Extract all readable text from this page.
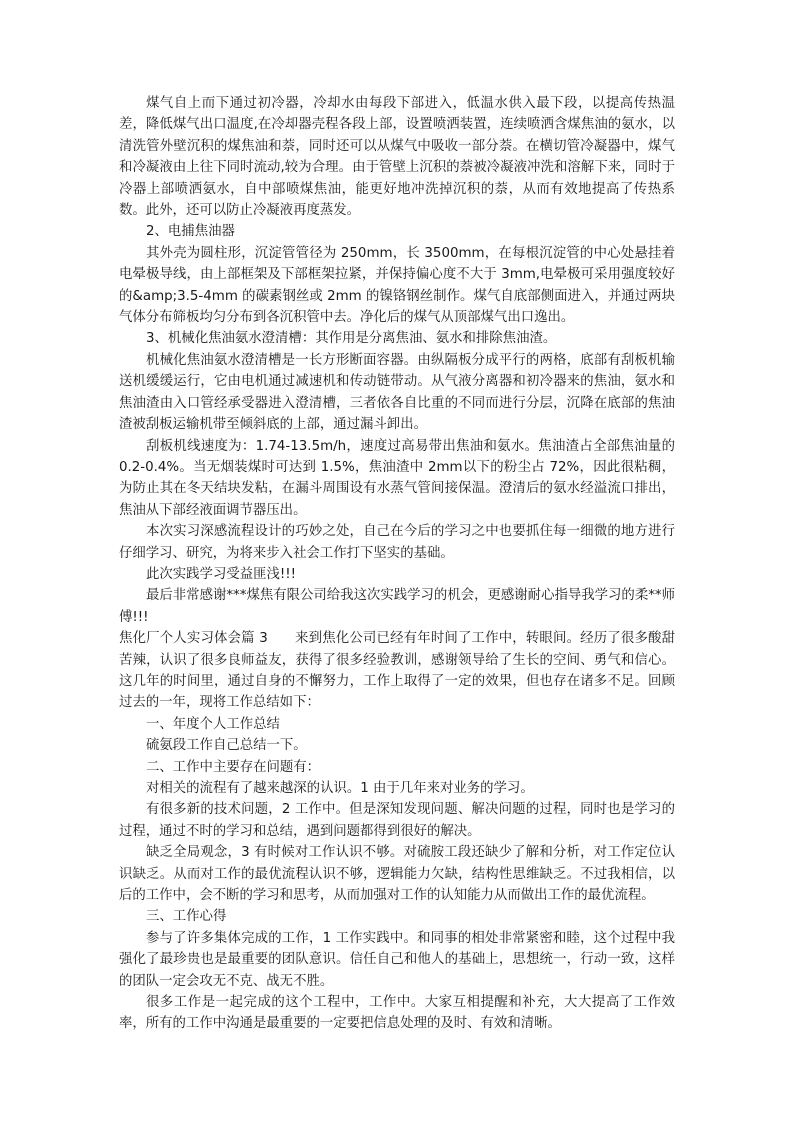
煤气自上而下通过初冷器，冷却水由每段下部进入，低温水供入最下段，以提高传热温差，降低煤气出口温度,在冷却器壳程各段上部，设置喷洒装置，连续喷洒含煤焦油的氨水，以清洗管外壁沉积的煤焦油和萘，同时还可以从煤气中吸收一部分萘。在横切管冷凝器中，煤气和冷凝液由上往下同时流动,较为合理。由于管壁上沉积的萘被冷凝液冲洗和溶解下来，同时于冷器上部喷洒氨水，自中部喷煤焦油，能更好地冲洗掉沉积的萘，从而有效地提高了传热系数。此外，还可以防止冷凝液再度蒸发。

2、电捕焦油器

其外壳为圆柱形，沉淀管管径为 250mm，长 3500mm，在每根沉淀管的中心处悬挂着电晕极导线，由上部框架及下部框架拉紧，并保持偏心度不大于 3mm,电晕极可采用强度较好的&amp;3.5-4mm 的碳素钢丝或 2mm 的镍铬钢丝制作。煤气自底部侧面进入，并通过两块气体分布筛板均匀分布到各沉积管中去。净化后的煤气从顶部煤气出口逸出。

3、机械化焦油氨水澄清槽：其作用是分离焦油、氨水和排除焦油渣。

机械化焦油氨水澄清槽是一长方形断面容器。由纵隔板分成平行的两格，底部有刮板机输送机缓缓运行，它由电机通过减速机和传动链带动。从气液分离器和初冷器来的焦油，氨水和焦油渣由入口管经承受器进入澄清槽，三者依各自比重的不同而进行分层，沉降在底部的焦油渣被刮板运输机带至倾斜底的上部，通过漏斗卸出。

刮板机线速度为：1.74-13.5m/h，速度过高易带出焦油和氨水。焦油渣占全部焦油量的 0.2-0.4%。当无烟装煤时可达到 1.5%，焦油渣中 2mm以下的粉尘占 72%，因此很粘稠，为防止其在冬天结块发粘，在漏斗周围设有水蒸气管间接保温。澄清后的氨水经溢流口排出，焦油从下部经液面调节器压出。

本次实习深感流程设计的巧妙之处，自己在今后的学习之中也要抓住每一细微的地方进行仔细学习、研究，为将来步入社会工作打下坚实的基础。

此次实践学习受益匪浅!!!

最后非常感谢***煤焦有限公司给我这次实践学习的机会，更感谢耐心指导我学习的柔**师傅!!!

焦化厂个人实习体会篇 3　　来到焦化公司已经有年时间了工作中，转眼间。经历了很多酸甜苦辣，认识了很多良师益友，获得了很多经验教训，感谢领导给了生长的空间、勇气和信心。这几年的时间里，通过自身的不懈努力，工作上取得了一定的效果，但也存在诸多不足。回顾过去的一年，现将工作总结如下：

一、年度个人工作总结

硫氨段工作自己总结一下。

二、工作中主要存在问题有：

对相关的流程有了越来越深的认识。1 由于几年来对业务的学习。

有很多新的技术问题，2 工作中。但是深知发现问题、解决问题的过程，同时也是学习的过程，通过不时的学习和总结，遇到问题都得到很好的解决。

缺乏全局观念，3 有时候对工作认识不够。对硫胺工段还缺少了解和分析，对工作定位认识缺乏。从而对工作的最优流程认识不够，逻辑能力欠缺，结构性思维缺乏。不过我相信，以后的工作中，会不断的学习和思考，从而加强对工作的认知能力从而做出工作的最优流程。

三、工作心得

参与了许多集体完成的工作，1 工作实践中。和同事的相处非常紧密和睦，这个过程中我强化了最珍贵也是最重要的团队意识。信任自己和他人的基础上，思想统一，行动一致，这样的团队一定会攻无不克、战无不胜。

很多工作是一起完成的这个工程中，工作中。大家互相提醒和补充，大大提高了工作效率，所有的工作中沟通是最重要的一定要把信息处理的及时、有效和清晰。
